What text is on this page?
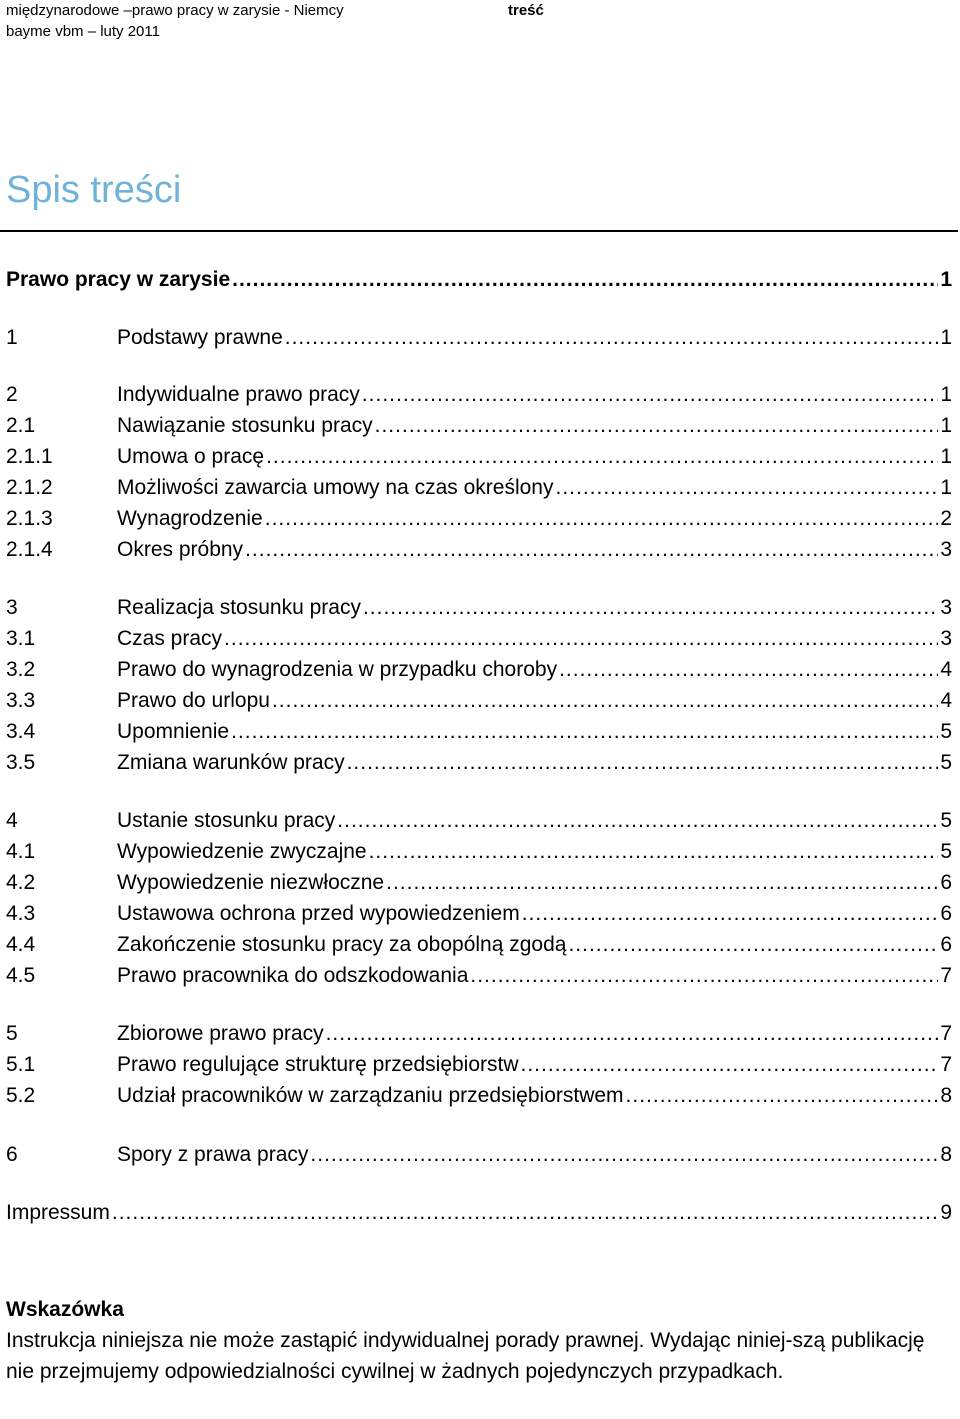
międzynarodowe –prawo pracy w zarysie - Niemcy
bayme vbm – luty 2011
treść
Spis treści
Prawo pracy w zarysie .....	1
1	Podstawy prawne .....	1
2	Indywidualne prawo pracy .....	1
2.1	Nawiązanie stosunku pracy .....	1
2.1.1	Umowa o pracę .....	1
2.1.2	Możliwości zawarcia umowy na czas określony .....	1
2.1.3	Wynagrodzenie .....	2
2.1.4	Okres próbny .....	3
3	Realizacja stosunku pracy .....	3
3.1	Czas pracy .....	3
3.2	Prawo do wynagrodzenia w przypadku choroby .....	4
3.3	Prawo do urlopu .....	4
3.4	Upomnienie .....	5
3.5	Zmiana warunków pracy .....	5
4	Ustanie stosunku pracy .....	5
4.1	Wypowiedzenie zwyczajne .....	5
4.2	Wypowiedzenie niezwłoczne .....	6
4.3	Ustawowa ochrona przed wypowiedzeniem .....	6
4.4	Zakończenie stosunku pracy za obopólną zgodą .....	6
4.5	Prawo pracownika do odszkodowania .....	7
5	Zbiorowe prawo pracy .....	7
5.1	Prawo regulujące strukturę przedsiębiorstw .....	7
5.2	Udział pracowników w zarządzaniu przedsiębiorstwem .....	8
6	Spory z prawa pracy .....	8
Impressum .....	9
Wskazówka
Instrukcja niniejsza nie może zastąpić indywidualnej porady prawnej. Wydając niniej-szą publikację nie przejmujemy odpowiedzialności cywilnej w żadnych pojedynczych przypadkach.
